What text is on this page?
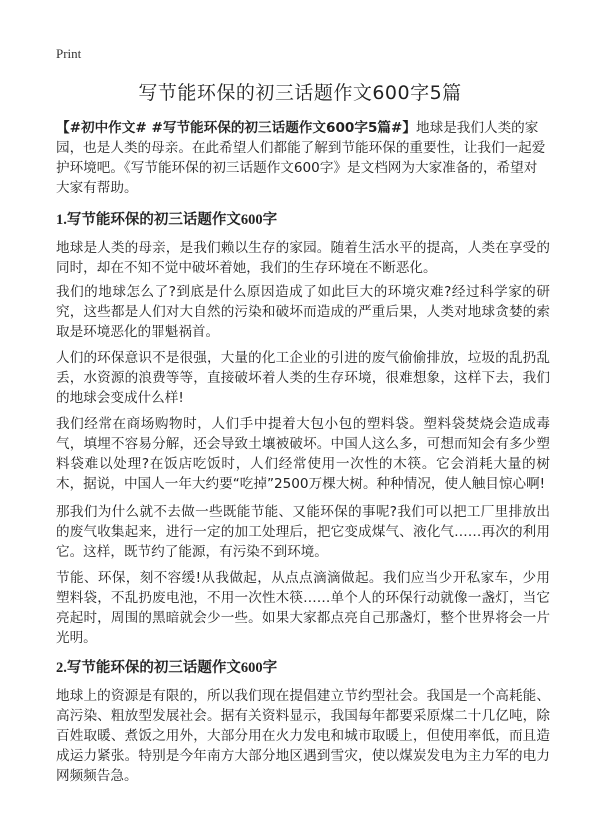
Print
写节能环保的初三话题作文600字5篇

【#初中作文# #写节能环保的初三话题作文600字5篇#】地球是我们人类的家园，也是人类的母亲。在此希望人们都能了解到节能环保的重要性，让我们一起爱护环境吧。《写节能环保的初三话题作文600字》是文档网为大家准备的，希望对大家有帮助。

1.写节能环保的初三话题作文600字

地球是人类的母亲，是我们赖以生存的家园。随着生活水平的提高，人类在享受的同时，却在不知不觉中破坏着她，我们的生存环境在不断恶化。

我们的地球怎么了?到底是什么原因造成了如此巨大的环境灾难?经过科学家的研究，这些都是人们对大自然的污染和破坏而造成的严重后果，人类对地球贪婪的索取是环境恶化的罪魁祸首。

人们的环保意识不是很强，大量的化工企业的引进的废气偷偷排放，垃圾的乱扔乱丢，水资源的浪费等等，直接破坏着人类的生存环境，很难想象，这样下去，我们的地球会变成什么样!

我们经常在商场购物时，人们手中提着大包小包的塑料袋。塑料袋焚烧会造成毒气，填埋不容易分解，还会导致土壤被破坏。中国人这么多，可想而知会有多少塑料袋难以处理?在饭店吃饭时，人们经常使用一次性的木筷。它会消耗大量的树木，据说，中国人一年大约要“吃掉”2500万棵大树。种种情况，使人触目惊心啊!

那我们为什么就不去做一些既能节能、又能环保的事呢?我们可以把工厂里排放出的废气收集起来，进行一定的加工处理后，把它变成煤气、液化气……再次的利用它。这样，既节约了能源，有污染不到环境。

节能、环保，刻不容缓!从我做起，从点点滴滴做起。我们应当少开私家车，少用塑料袋，不乱扔废电池，不用一次性木筷……单个人的环保行动就像一盏灯，当它亮起时，周围的黑暗就会少一些。如果大家都点亮自己那盏灯，整个世界将会一片光明。

2.写节能环保的初三话题作文600字

地球上的资源是有限的，所以我们现在提倡建立节约型社会。我国是一个高耗能、高污染、粗放型发展社会。据有关资料显示，我国每年都要采原煤二十几亿吨，除百姓取暖、煮饭之用外，大部分用在火力发电和城市取暖上，但使用率低，而且造成运力紧张。特别是今年南方大部分地区遇到雪灾，使以煤炭发电为主力军的电力网频频告急。
